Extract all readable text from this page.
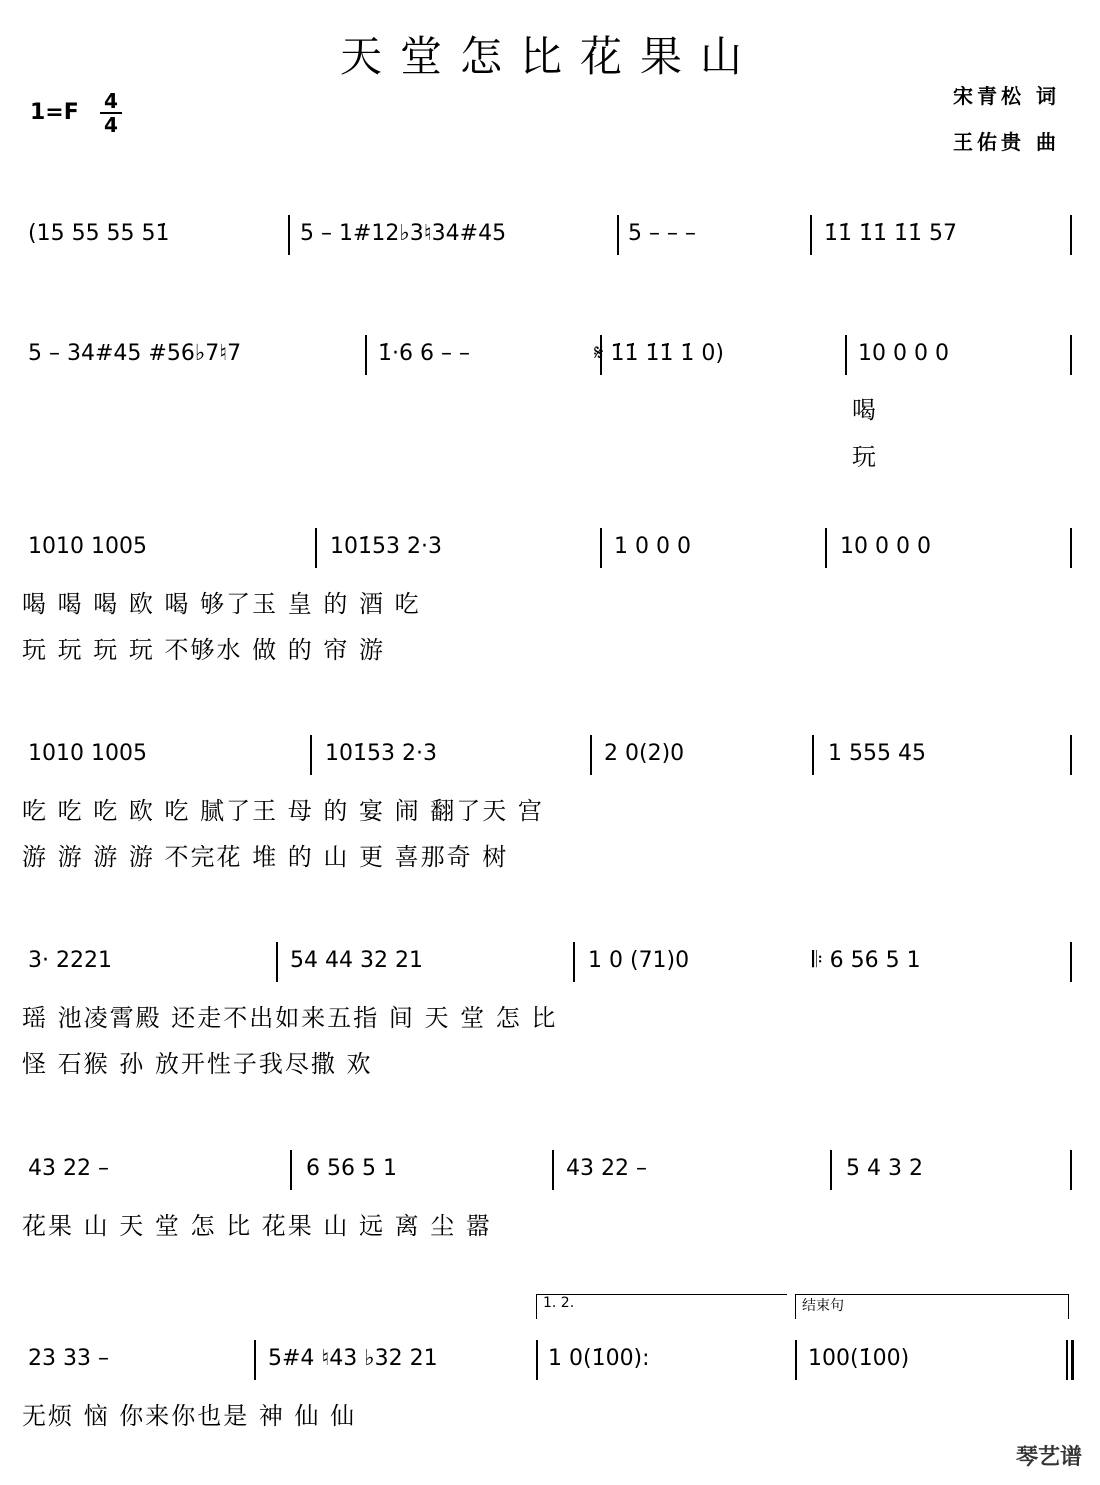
天堂怎比花果山
1=F 4
4
宋青松 词
王佑贵 曲
(15 55 55 51̇	5 – 1#12♭3♮34#45	5 – – –	1̇1̇ 1̇1̇ 1̇1̇ 57
5 – 34#45 #56♭7♮7	1̇·6 6 – –	𝄋 1̇1̇ 1̇1̇ 1̇ 0)	10 0 0 0
喝
玩
1010 1005	101̇53 2·3	1 0 0 0	10 0 0 0
喝 喝 喝 欧 喝 够了玉 皇 的 酒 吃
玩 玩 玩 玩 不够水 做 的 帘 游
1010 1005	101̇53 2·3	2 0(2)0	1 555 45
吃 吃 吃 欧 吃 腻了王 母 的 宴 闹 翻了天 宫
游 游 游 游 不完花 堆 的 山 更 喜那奇 树
3· 2221	54 44 32 21	1 0 (71)0	𝄆 6 56 5 1
瑶 池凌霄殿 还走不出如来五指 间 天 堂 怎 比
怪 石猴 孙 放开性子我尽撒 欢
43 22 –	6 56 5 1	43 22 –	5 4 3 2
花果 山 天 堂 怎 比 花果 山 远 离 尘 嚣
1. 2.	结束句
23 33 –	5#4 ♮43 ♭32 21	1 0(1̇00):	100(1̇00)
无烦 恼 你来你也是 神 仙 仙
琴艺谱
